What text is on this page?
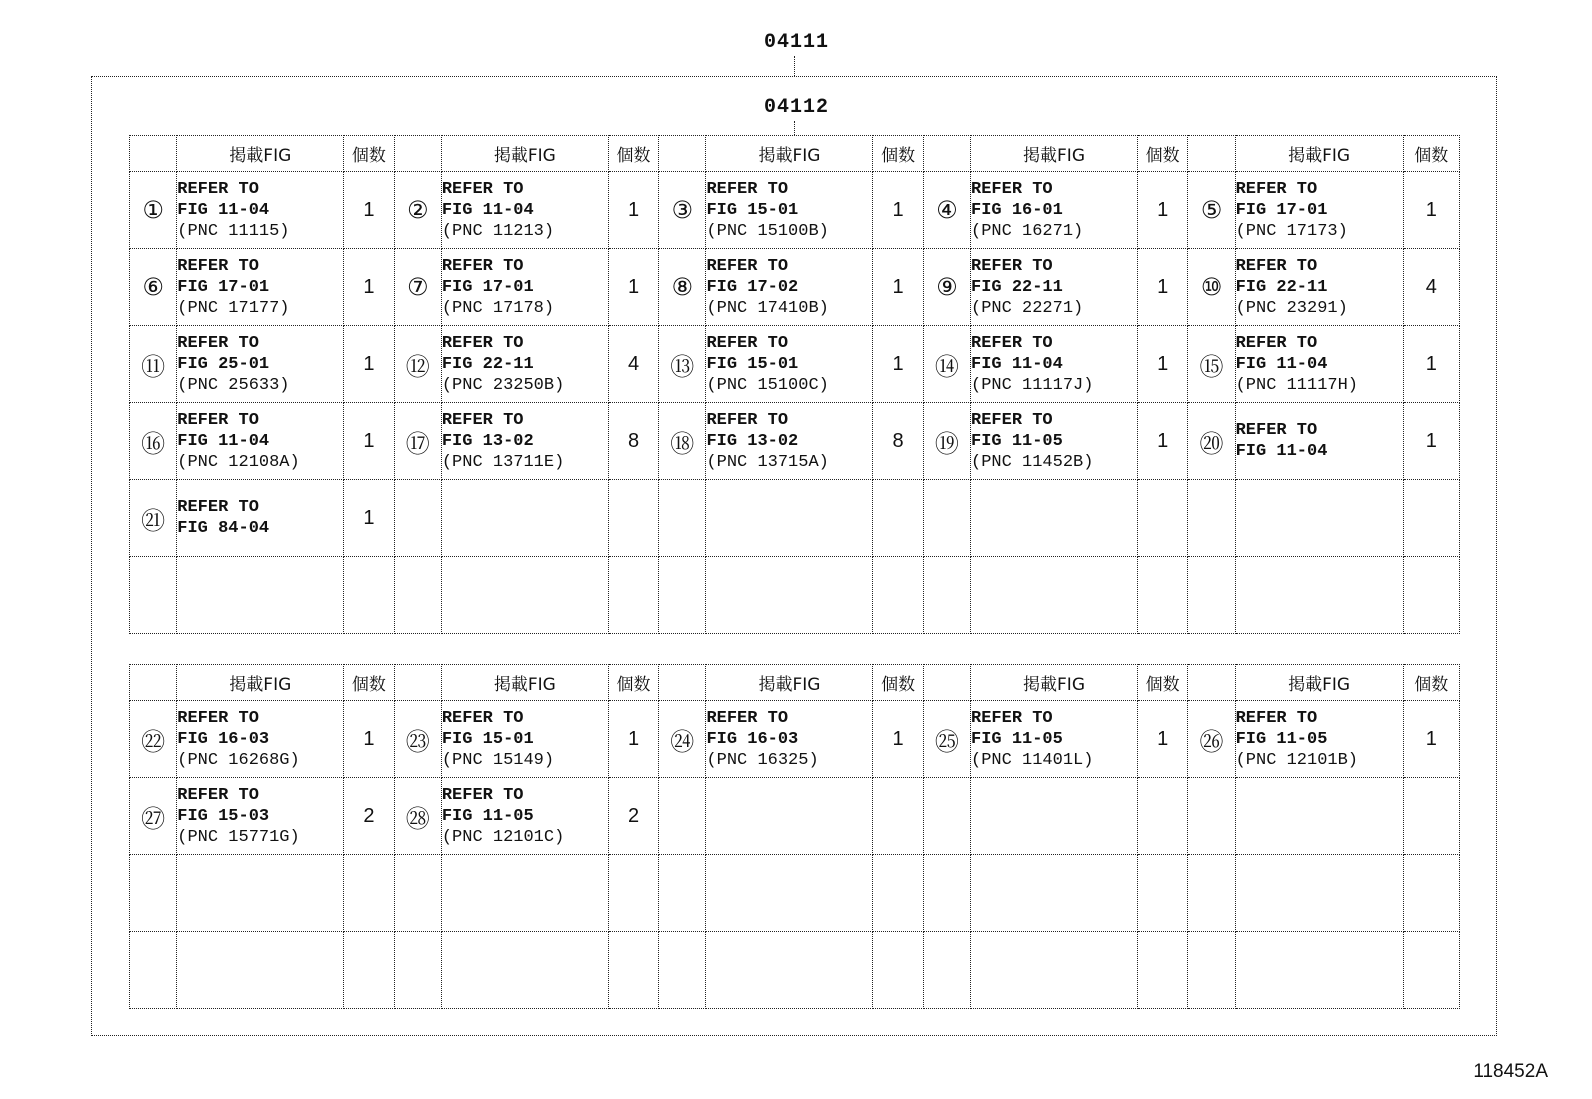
04111
04112
	掲載FIG	個数		掲載FIG	個数		掲載FIG	個数		掲載FIG	個数		掲載FIG	個数
①	REFER TO
FIG 11-04
(PNC 11115)	1	②	REFER TO
FIG 11-04
(PNC 11213)	1	③	REFER TO
FIG 15-01
(PNC 15100B)	1	④	REFER TO
FIG 16-01
(PNC 16271)	1	⑤	REFER TO
FIG 17-01
(PNC 17173)	1
⑥	REFER TO
FIG 17-01
(PNC 17177)	1	⑦	REFER TO
FIG 17-01
(PNC 17178)	1	⑧	REFER TO
FIG 17-02
(PNC 17410B)	1	⑨	REFER TO
FIG 22-11
(PNC 22271)	1	⑩	REFER TO
FIG 22-11
(PNC 23291)	4
⑪	REFER TO
FIG 25-01
(PNC 25633)	1	⑫	REFER TO
FIG 22-11
(PNC 23250B)	4	⑬	REFER TO
FIG 15-01
(PNC 15100C)	1	⑭	REFER TO
FIG 11-04
(PNC 11117J)	1	⑮	REFER TO
FIG 11-04
(PNC 11117H)	1
⑯	REFER TO
FIG 11-04
(PNC 12108A)	1	⑰	REFER TO
FIG 13-02
(PNC 13711E)	8	⑱	REFER TO
FIG 13-02
(PNC 13715A)	8	⑲	REFER TO
FIG 11-05
(PNC 11452B)	1	⑳	REFER TO
FIG 11-04	1
㉑	REFER TO
FIG 84-04	1		

	掲載FIG	個数		掲載FIG	個数		掲載FIG	個数		掲載FIG	個数		掲載FIG	個数
㉒	REFER TO
FIG 16-03
(PNC 16268G)	1	㉓	REFER TO
FIG 15-01
(PNC 15149)	1	㉔	REFER TO
FIG 16-03
(PNC 16325)	1	㉕	REFER TO
FIG 11-05
(PNC 11401L)	1	㉖	REFER TO
FIG 11-05
(PNC 12101B)	1
㉗	REFER TO
FIG 15-03
(PNC 15771G)	2	㉘	REFER TO
FIG 11-05
(PNC 12101C)	2		

118452A
